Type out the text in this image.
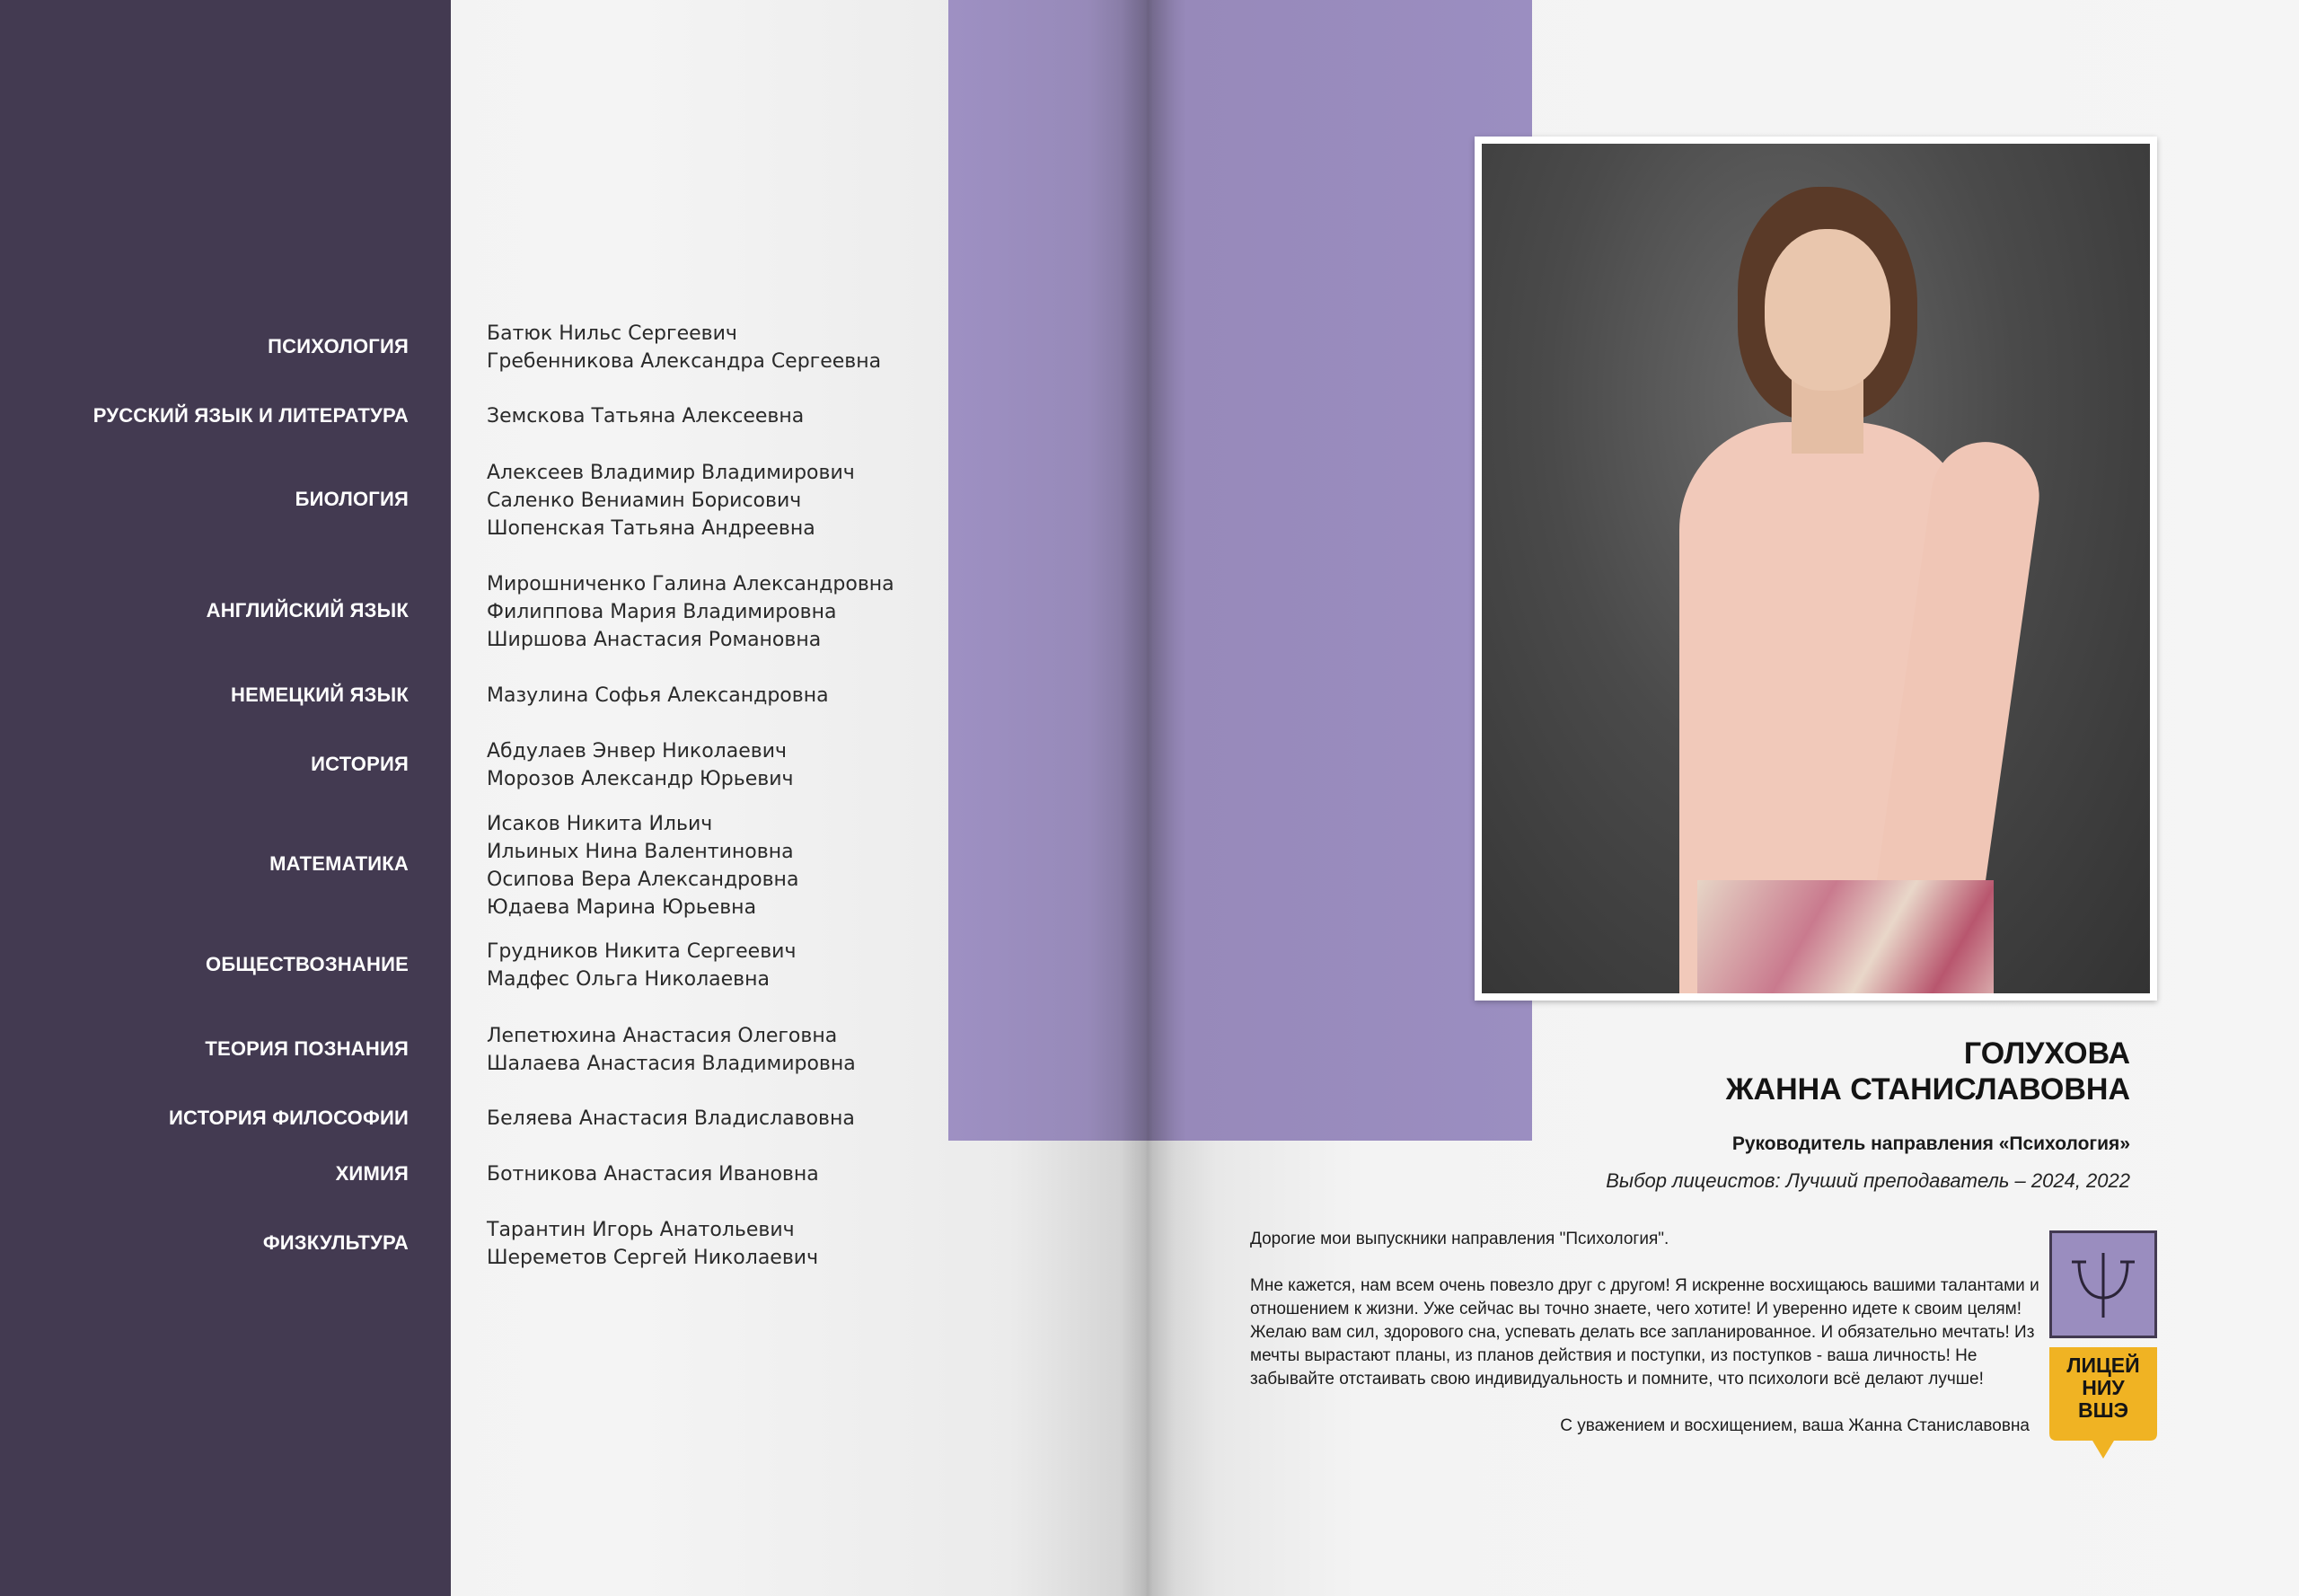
ПСИХОЛОГИЯ
Батюк Нильс Сергеевич
Гребенникова Александра Сергеевна
РУССКИЙ ЯЗЫК И ЛИТЕРАТУРА	Земскова Татьяна Алексеевна
БИОЛОГИЯ
Алексеев Владимир Владимирович
Саленко Вениамин Борисович
Шопенская Татьяна Андреевна
АНГЛИЙСКИЙ ЯЗЫК
Мирошниченко Галина Александровна
Филиппова Мария Владимировна
Ширшова Анастасия Романовна
НЕМЕЦКИЙ ЯЗЫК	Мазулина Софья Александровна
ИСТОРИЯ
Абдулаев Энвер Николаевич
Морозов Александр Юрьевич
МАТЕМАТИКА
Исаков Никита Ильич
Ильиных Нина Валентиновна
Осипова Вера Александровна
Юдаева Марина Юрьевна
ОБЩЕСТВОЗНАНИЕ
Грудников Никита Сергеевич
Мадфес Ольга Николаевна
ТЕОРИЯ ПОЗНАНИЯ
Лепетюхина Анастасия Олеговна
Шалаева Анастасия Владимировна
ИСТОРИЯ ФИЛОСОФИИ	Беляева Анастасия Владиславовна
ХИМИЯ	Ботникова Анастасия Ивановна
ФИЗКУЛЬТУРА
Тарантин Игорь Анатольевич
Шереметов Сергей Николаевич
ГОЛУХОВА
ЖАННА СТАНИСЛАВОВНА
Руководитель направления «Психология»
Выбор лицеистов: Лучший преподаватель – 2024, 2022

Дорогие мои выпускники направления "Психология".

Мне кажется, нам всем очень повезло друг с другом! Я искренне восхищаюсь вашими талантами и отношением к жизни. Уже сейчас вы точно знаете, чего хотите! И уверенно идете к своим целям! Желаю вам сил, здорового сна, успевать делать все запланированное. И обязательно мечтать! Из мечты вырастают планы, из планов действия и поступки, из поступков - ваша личность! Не забывайте отстаивать свою индивидуальность и помните, что психологи всё делают лучше!

С уважением и восхищением, ваша Жанна Станиславовна
ЛИЦЕЙ
НИУ
ВШЭ
